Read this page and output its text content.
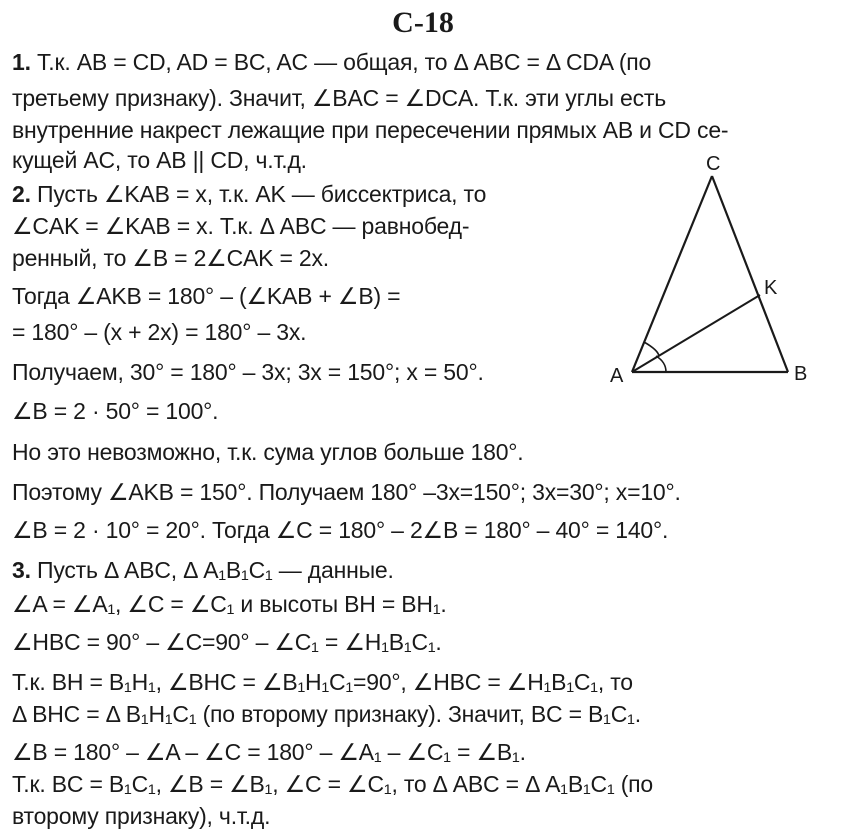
С-18
1. Т.к. AB = CD, AD = BC, AC — общая, то Δ ABC = Δ CDA (по
третьему признаку). Значит, ∠BAC = ∠DCA. Т.к. эти углы есть
внутренние накрест лежащие при пересечении прямых AB и CD се-
кущей AC, то AB || CD, ч.т.д.
2. Пусть ∠KAB = x, т.к. AK — биссектриса, то
∠CAK = ∠KAB = x. Т.к. Δ ABC — равнобед-
ренный, то ∠B = 2∠CAK = 2x.
Тогда ∠AKB = 180° – (∠KAB + ∠B) =
= 180° – (x + 2x) = 180° – 3x.
Получаем, 30° = 180° – 3x; 3x = 150°; x = 50°.
∠B = 2 · 50° = 100°.
Но это невозможно, т.к. сума углов больше 180°.
Поэтому ∠AKB = 150°. Получаем 180° –3x=150°; 3x=30°; x=10°.
∠B = 2 · 10° = 20°. Тогда ∠C = 180° – 2∠B = 180° – 40° = 140°.
3. Пусть Δ ABC, Δ A₁B₁C₁ — данные.
∠A = ∠A₁, ∠C = ∠C₁ и высоты BH = BH₁.
∠HBC = 90° – ∠C=90° – ∠C₁ = ∠H₁B₁C₁.
Т.к. BH = B₁H₁, ∠BHC = ∠B₁H₁C₁=90°, ∠HBC = ∠H₁B₁C₁, то
Δ BHC = Δ B₁H₁C₁ (по второму признаку). Значит, BC = B₁C₁.
∠B = 180° – ∠A – ∠C = 180° – ∠A₁ – ∠C₁ = ∠B₁.
Т.к. BC = B₁C₁, ∠B = ∠B₁, ∠C = ∠C₁, то Δ ABC = Δ A₁B₁C₁ (по
второму признаку), ч.т.д.
C
K
A	B
